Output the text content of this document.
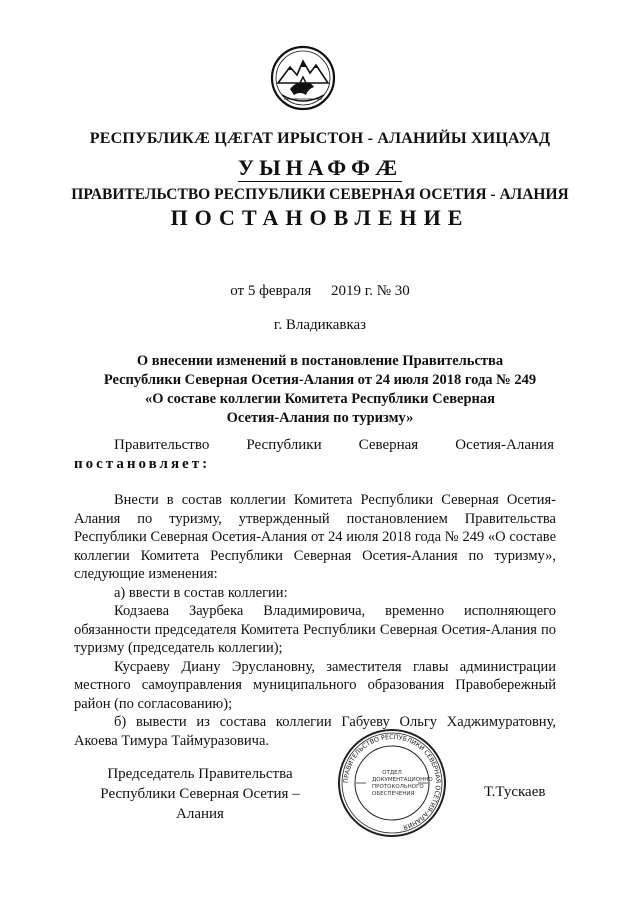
РЕСПУБЛИКӔ ЦӔГАТ ИРЫСТОН - АЛАНИЙЫ ХИЦАУАД
УЫНАФФӔ
ПРАВИТЕЛЬСТВО РЕСПУБЛИКИ СЕВЕРНАЯ ОСЕТИЯ - АЛАНИЯ
ПОСТАНОВЛЕНИЕ
от 5 февраля 2019 г. № 30
г. Владикавказ
О внесении изменений в постановление Правительства
Республики Северная Осетия-Алания от 24 июля 2018 года № 249
«О составе коллегии Комитета Республики Северная
Осетия-Алания по туризму»
Правительство Республики Северная Осетия-Алания
постановляет:

Внести в состав коллегии Комитета Республики Северная Осетия-Алания по туризму, утвержденный постановлением Правительства Республики Северная Осетия-Алания от 24 июля 2018 года № 249 «О составе коллегии Комитета Республики Северная Осетия-Алания по туризму», следующие изменения:

а) ввести в состав коллегии:

Кодзаева Заурбека Владимировича, временно исполняющего обязанности председателя Комитета Республики Северная Осетия-Алания по туризму (председатель коллегии);

Кусраеву Диану Эруслановну, заместителя главы администрации местного самоуправления муниципального образования Правобережный район (по согласованию);

б) вывести из состава коллегии Габуеву Ольгу Хаджимуратовну, Акоева Тимура Таймуразовича.

Председатель Правительства
Республики Северная Осетия – Алания
ПРАВИТЕЛЬСТВО РЕСПУБЛИКИ СЕВЕРНАЯ ОСЕТИЯ-АЛАНИЯ
ОТДЕЛ
ДОКУМЕНТАЦИОННО
ПРОТОКОЛЬНОГО
ОБЕСПЕЧЕНИЯ	Т.Тускаев
